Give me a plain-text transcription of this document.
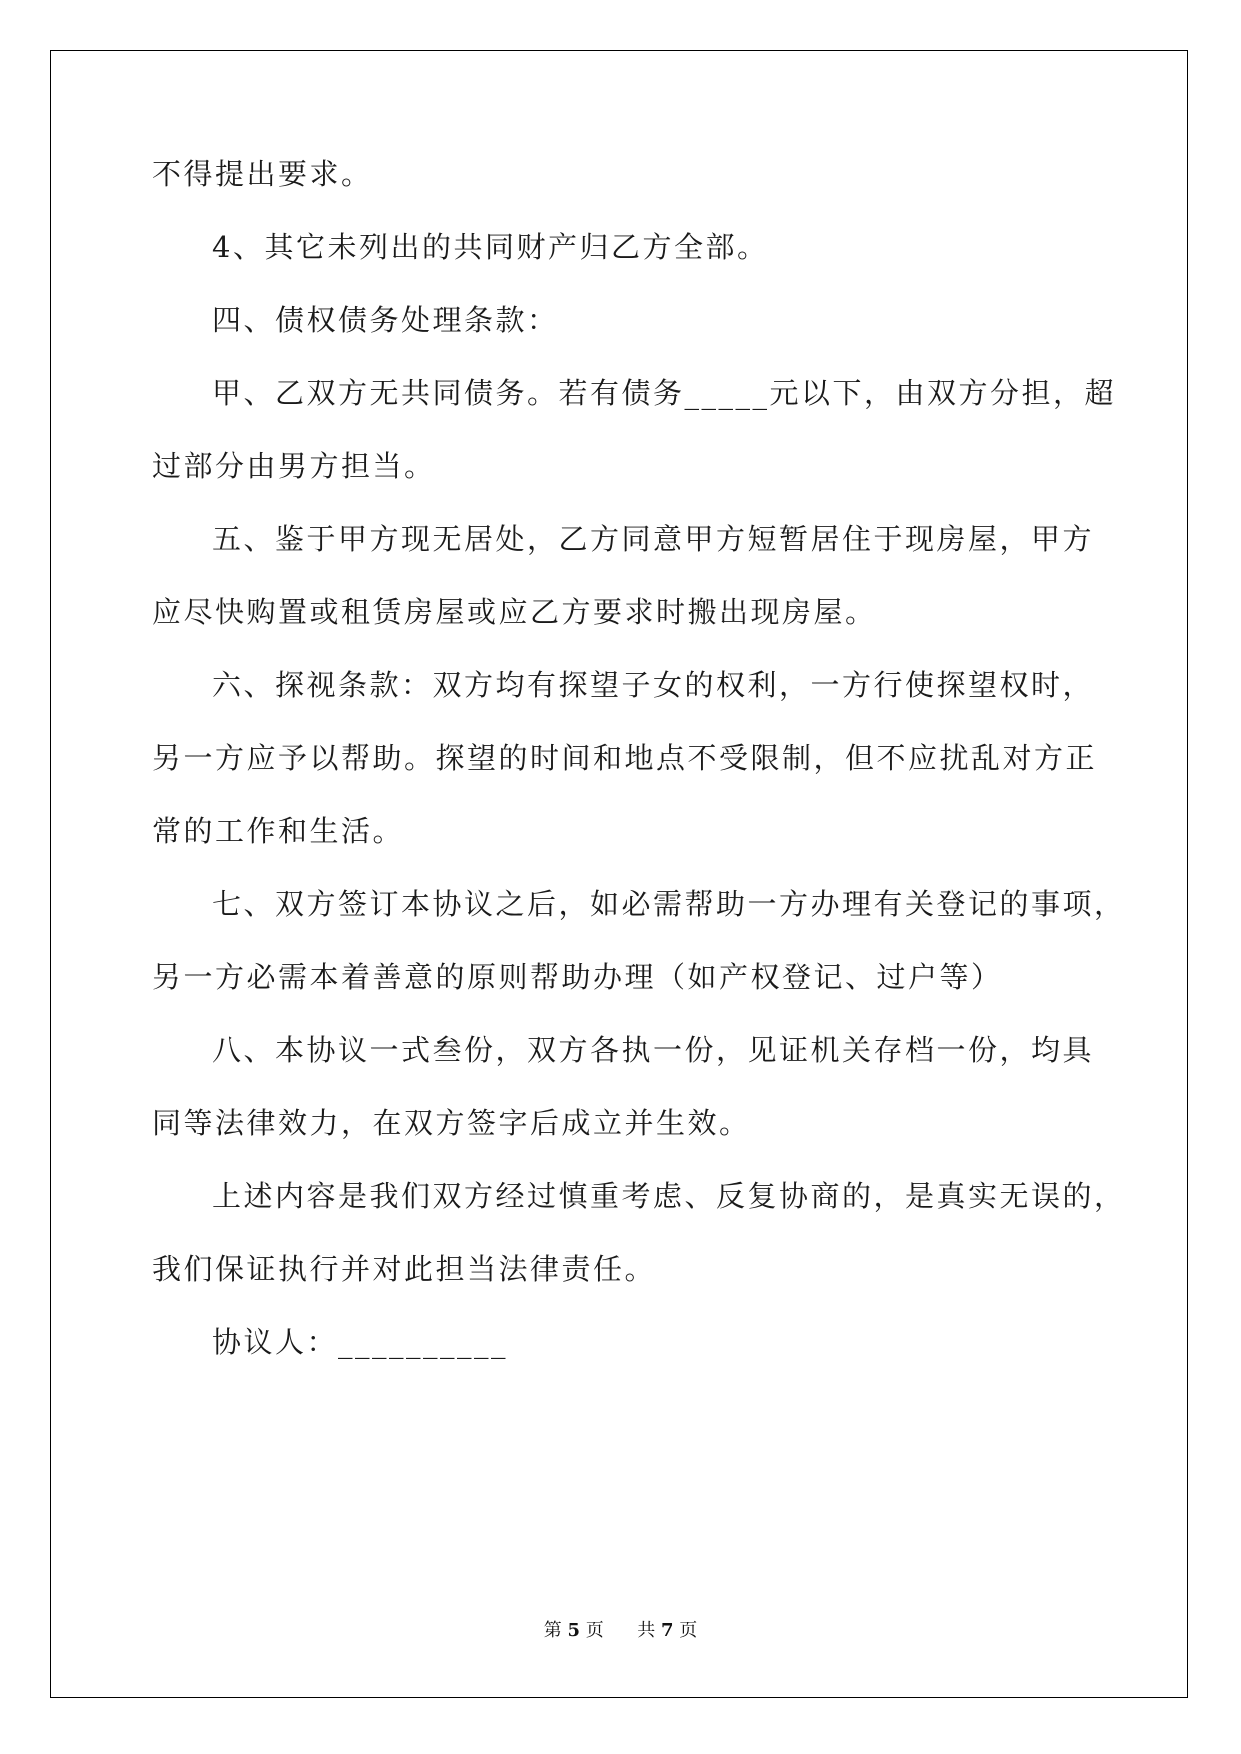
不得提出要求。

4、其它未列出的共同财产归乙方全部。

四、债权债务处理条款：

甲、乙双方无共同债务。若有债务_____元以下，由双方分担，超

过部分由男方担当。

五、鉴于甲方现无居处，乙方同意甲方短暂居住于现房屋，甲方

应尽快购置或租赁房屋或应乙方要求时搬出现房屋。

六、探视条款：双方均有探望子女的权利，一方行使探望权时，

另一方应予以帮助。探望的时间和地点不受限制，但不应扰乱对方正

常的工作和生活。

七、双方签订本协议之后，如必需帮助一方办理有关登记的事项，

另一方必需本着善意的原则帮助办理（如产权登记、过户等）

八、本协议一式叁份，双方各执一份，见证机关存档一份，均具

同等法律效力，在双方签字后成立并生效。

上述内容是我们双方经过慎重考虑、反复协商的，是真实无误的，

我们保证执行并对此担当法律责任。

协议人：__________

第 5 页 共 7 页
